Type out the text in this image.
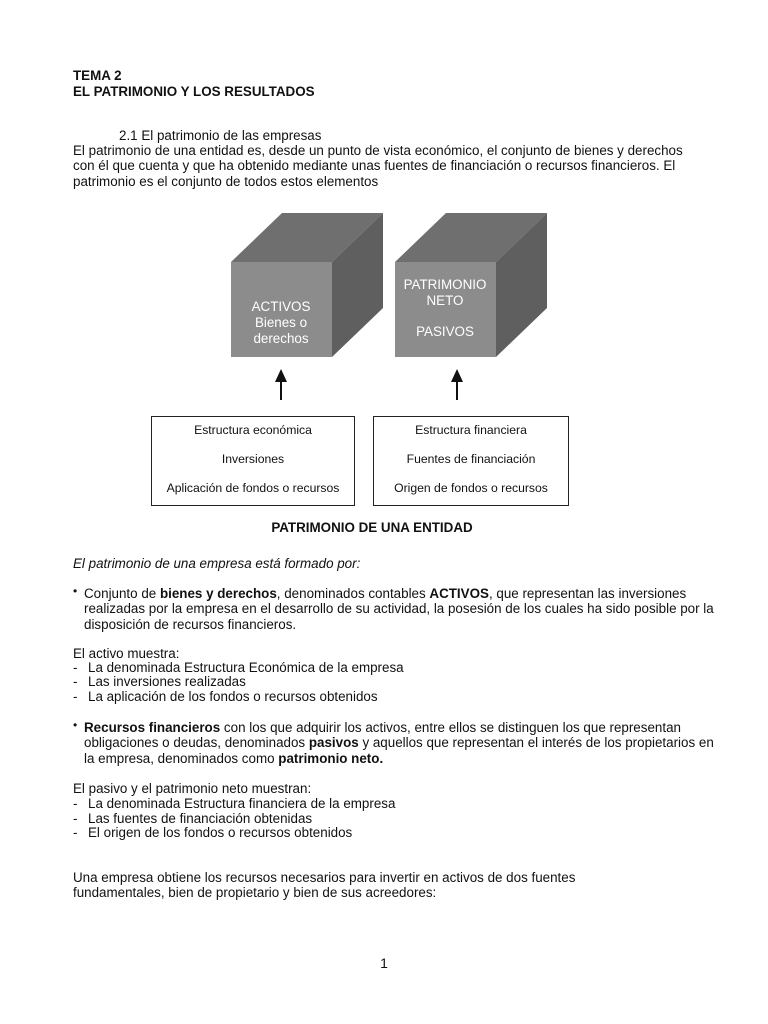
TEMA 2
EL PATRIMONIO Y LOS RESULTADOS
2.1 El patrimonio de las empresas
El patrimonio de una entidad es, desde un punto de vista económico, el conjunto de bienes y derechos con él que cuenta y que ha obtenido mediante unas fuentes de financiación o recursos financieros. El patrimonio es el conjunto de todos estos elementos
ACTIVOS
Bienes o
derechos
PATRIMONIO
NETO
PASIVOS
Estructura económica
Inversiones
Aplicación de fondos o recursos
Estructura financiera
Fuentes de financiación
Origen de fondos o recursos
PATRIMONIO DE UNA ENTIDAD
El patrimonio de una empresa está formado por:
• Conjunto de bienes y derechos, denominados contables ACTIVOS, que representan las inversiones realizadas por la empresa en el desarrollo de su actividad, la posesión de los cuales ha sido posible por la disposición de recursos financieros.
El activo muestra:
- La denominada Estructura Económica de la empresa
- Las inversiones realizadas
- La aplicación de los fondos o recursos obtenidos
• Recursos financieros con los que adquirir los activos, entre ellos se distinguen los que representan obligaciones o deudas, denominados pasivos y aquellos que representan el interés de los propietarios en la empresa, denominados como patrimonio neto.
El pasivo y el patrimonio neto muestran:
- La denominada Estructura financiera de la empresa
- Las fuentes de financiación obtenidas
- El origen de los fondos o recursos obtenidos
Una empresa obtiene los recursos necesarios para invertir en activos de dos fuentes fundamentales, bien de propietario y bien de sus acreedores:
1
